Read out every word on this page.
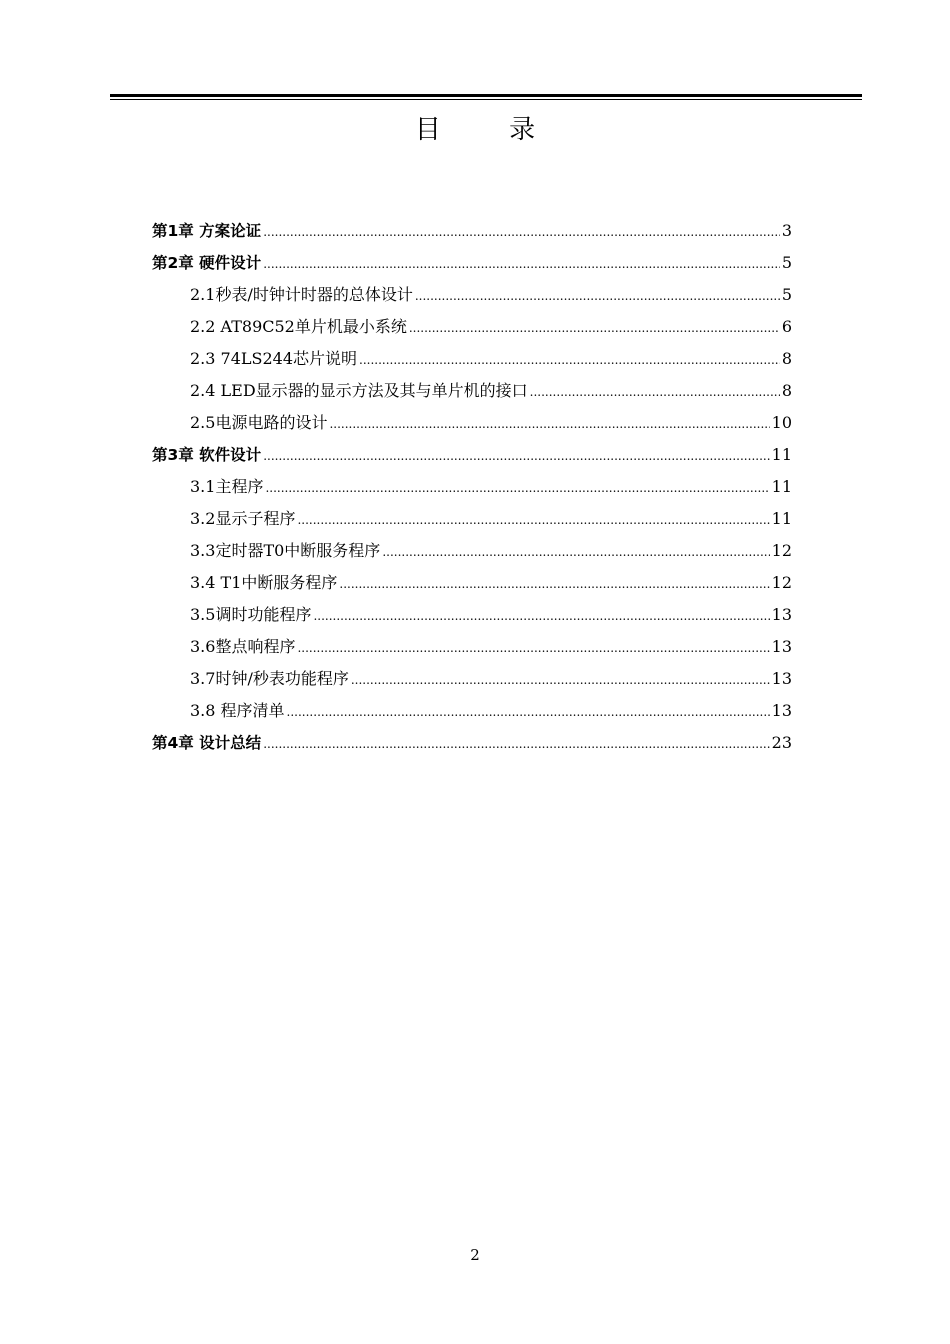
目 录
第1章 方案论证 .....	3
第2章 硬件设计 .....	5
2.1秒表/时钟计时器的总体设计 .....	5
2.2 AT89C52单片机最小系统 .....	6
2.3 74LS244芯片说明 .....	8
2.4 LED显示器的显示方法及其与单片机的接口 .....	8
2.5电源电路的设计 .....	10
第3章 软件设计 .....	11
3.1主程序 .....	11
3.2显示子程序 .....	11
3.3定时器T0中断服务程序 .....	12
3.4 T1中断服务程序 .....	12
3.5调时功能程序 .....	13
3.6整点响程序 .....	13
3.7时钟/秒表功能程序 .....	13
3.8 程序清单 .....	13
第4章 设计总结 .....	23
2
